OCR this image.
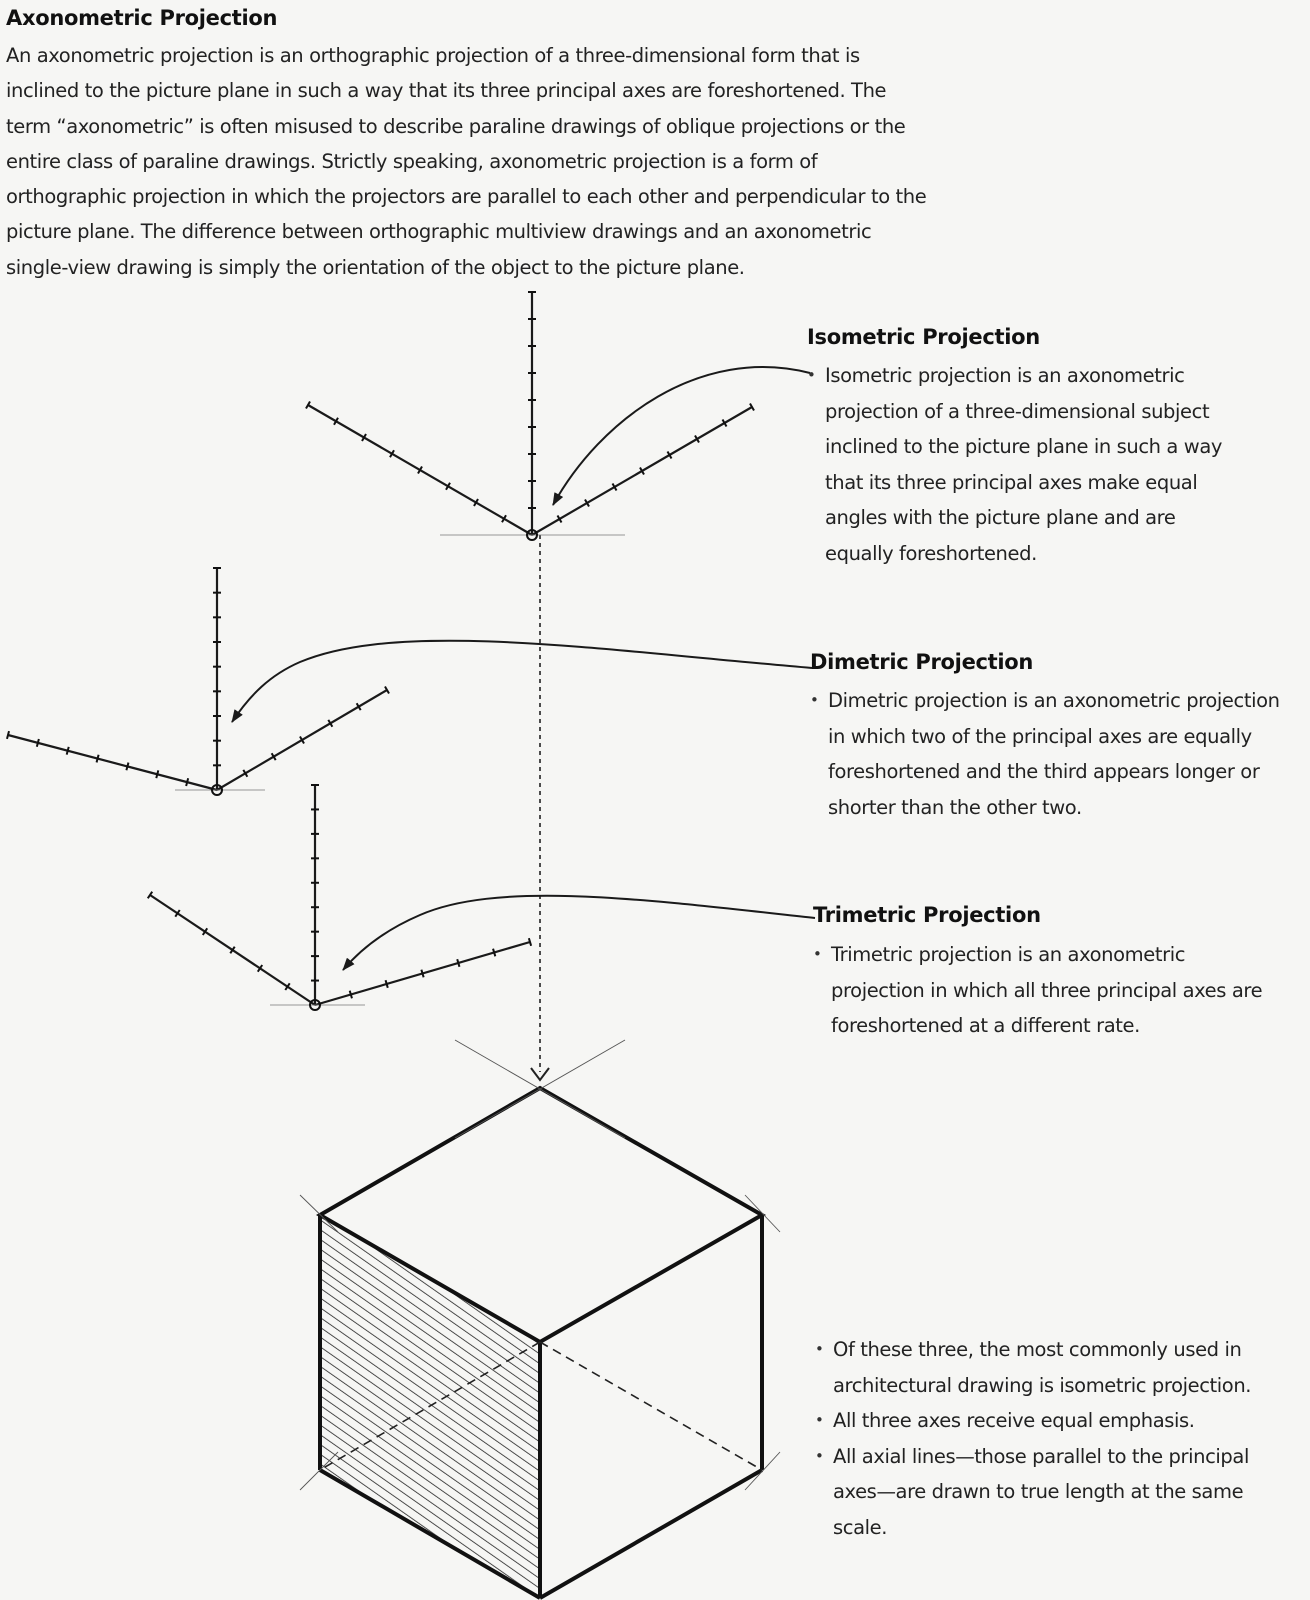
Axonometric Projection

An axonometric projection is an orthographic projection of a three-dimensional form that is inclined to the picture plane in such a way that its three principal axes are foreshortened. The term “axonometric” is often misused to describe paraline drawings of oblique projections or the entire class of paraline drawings. Strictly speaking, axonometric projection is a form of orthographic projection in which the projectors are parallel to each other and perpendicular to the picture plane. The difference between orthographic multiview drawings and an axonometric single-view drawing is simply the orientation of the object to the picture plane.

Isometric Projection
• Isometric projection is an axonometric projection of a three-dimensional subject inclined to the picture plane in such a way that its three principal axes make equal angles with the picture plane and are equally foreshortened.
Dimetric Projection
• Dimetric projection is an axonometric projection in which two of the principal axes are equally foreshortened and the third appears longer or shorter than the other two.
Trimetric Projection
• Trimetric projection is an axonometric projection in which all three principal axes are foreshortened at a different rate.
• Of these three, the most commonly used in architectural drawing is isometric projection.
• All three axes receive equal emphasis.
• All axial lines—those parallel to the principal axes—are drawn to true length at the same scale.
